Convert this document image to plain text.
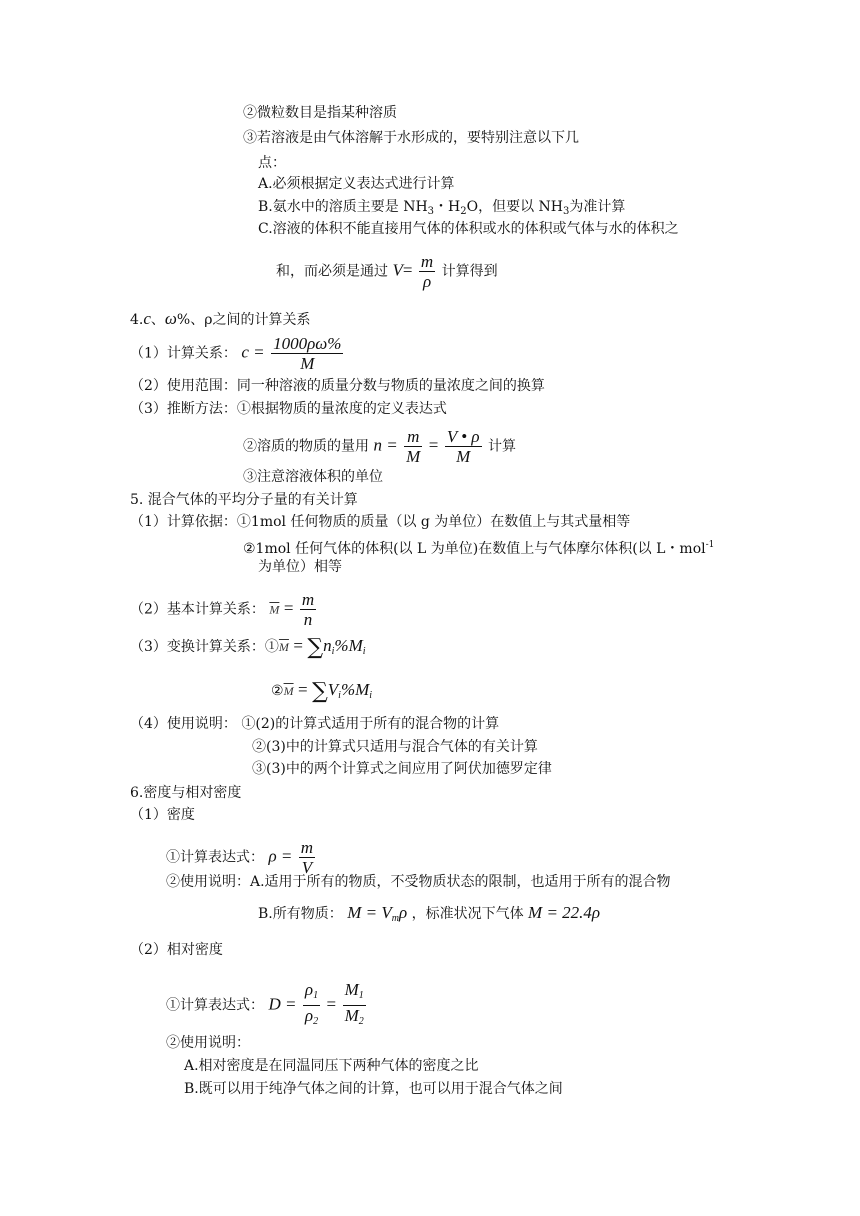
②微粒数目是指某种溶质
③若溶液是由气体溶解于水形成的，要特别注意以下几
点：
A.必须根据定义表达式进行计算
B.氨水中的溶质主要是 $NH_3$・$H_2O$，但要以 $NH_3$为准计算
C.溶液的体积不能直接用气体的体积或水的体积或气体与水的体积之
和，而必须是通过 $V= \frac{m}{\rho}$ 计算得到
4.c、ω%、ρ之间的计算关系
（1）计算关系： $c = \frac{1000\rho\omega\%}{M}$
（2）使用范围：同一种溶液的质量分数与物质的量浓度之间的换算
（3）推断方法：①根据物质的量浓度的定义表达式
②溶质的物质的量用 $n = \frac{m}{M} = \frac{V • \rho}{M}$ 计算
③注意溶液体积的单位
5. 混合气体的平均分子量的有关计算
（1）计算依据：①1mol 任何物质的质量（以 g 为单位）在数值上与其式量相等
②1mol 任何气体的体积(以 L 为单位)在数值上与气体摩尔体积(以 L・mol$^{-1}$
为单位）相等
（2）基本计算关系： $\overline{M} = \frac{m}{n}$
（3）变换计算关系：$①\overline{M} = \sum n_i\%M_i$
$②\overline{M} = \sum V_i\%M_i$
（4）使用说明： ①(2)的计算式适用于所有的混合物的计算
②(3)中的计算式只适用与混合气体的有关计算
③(3)中的两个计算式之间应用了阿伏加德罗定律
6.密度与相对密度
（1）密度
①计算表达式： $\rho = \frac{m}{V}$
②使用说明：A.适用于所有的物质，不受物质状态的限制，也适用于所有的混合物
B.所有物质： $M = V_m\rho$ ，标准状况下气体 M = 22.4ρ
（2）相对密度
①计算表达式： $D = \frac{\rho_1}{\rho_2} = \frac{M_1}{M_2}$
②使用说明：
A.相对密度是在同温同压下两种气体的密度之比
B.既可以用于纯净气体之间的计算，也可以用于混合气体之间
